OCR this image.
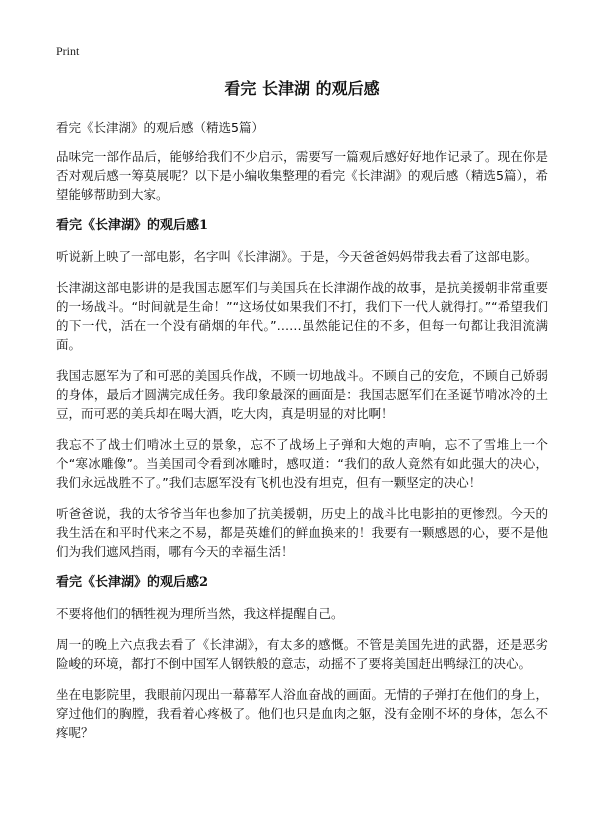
Print
看完 长津湖 的观后感
看完《长津湖》的观后感（精选5篇）

品味完一部作品后，能够给我们不少启示，需要写一篇观后感好好地作记录了。现在你是否对观后感一筹莫展呢？以下是小编收集整理的看完《长津湖》的观后感（精选5篇），希望能够帮助到大家。

看完《长津湖》的观后感1

听说新上映了一部电影，名字叫《长津湖》。于是，今天爸爸妈妈带我去看了这部电影。

长津湖这部电影讲的是我国志愿军们与美国兵在长津湖作战的故事，是抗美援朝非常重要的一场战斗。“时间就是生命！”“这场仗如果我们不打，我们下一代人就得打。”“希望我们的下一代，活在一个没有硝烟的年代。”……虽然能记住的不多，但每一句都让我泪流满面。

我国志愿军为了和可恶的美国兵作战，不顾一切地战斗。不顾自己的安危，不顾自己娇弱的身体，最后才圆满完成任务。我印象最深的画面是：我国志愿军们在圣诞节啃冰冷的土豆，而可恶的美兵却在喝大酒，吃大肉，真是明显的对比啊！

我忘不了战士们啃冰土豆的景象，忘不了战场上子弹和大炮的声响，忘不了雪堆上一个个“寒冰雕像”。当美国司令看到冰雕时，感叹道：“我们的敌人竟然有如此强大的决心，我们永远战胜不了。”我们志愿军没有飞机也没有坦克，但有一颗坚定的决心！

听爸爸说，我的太爷爷当年也参加了抗美援朝，历史上的战斗比电影拍的更惨烈。今天的我生活在和平时代来之不易，都是英雄们的鲜血换来的！我要有一颗感恩的心，要不是他们为我们遮风挡雨，哪有今天的幸福生活！

看完《长津湖》的观后感2

不要将他们的牺牲视为理所当然，我这样提醒自己。

周一的晚上六点我去看了《长津湖》，有太多的感慨。不管是美国先进的武器，还是恶劣险峻的环境，都打不倒中国军人钢铁般的意志，动摇不了要将美国赶出鸭绿江的决心。

坐在电影院里，我眼前闪现出一幕幕军人浴血奋战的画面。无情的子弹打在他们的身上，穿过他们的胸膛，我看着心疼极了。他们也只是血肉之躯，没有金刚不坏的身体，怎么不疼呢？
